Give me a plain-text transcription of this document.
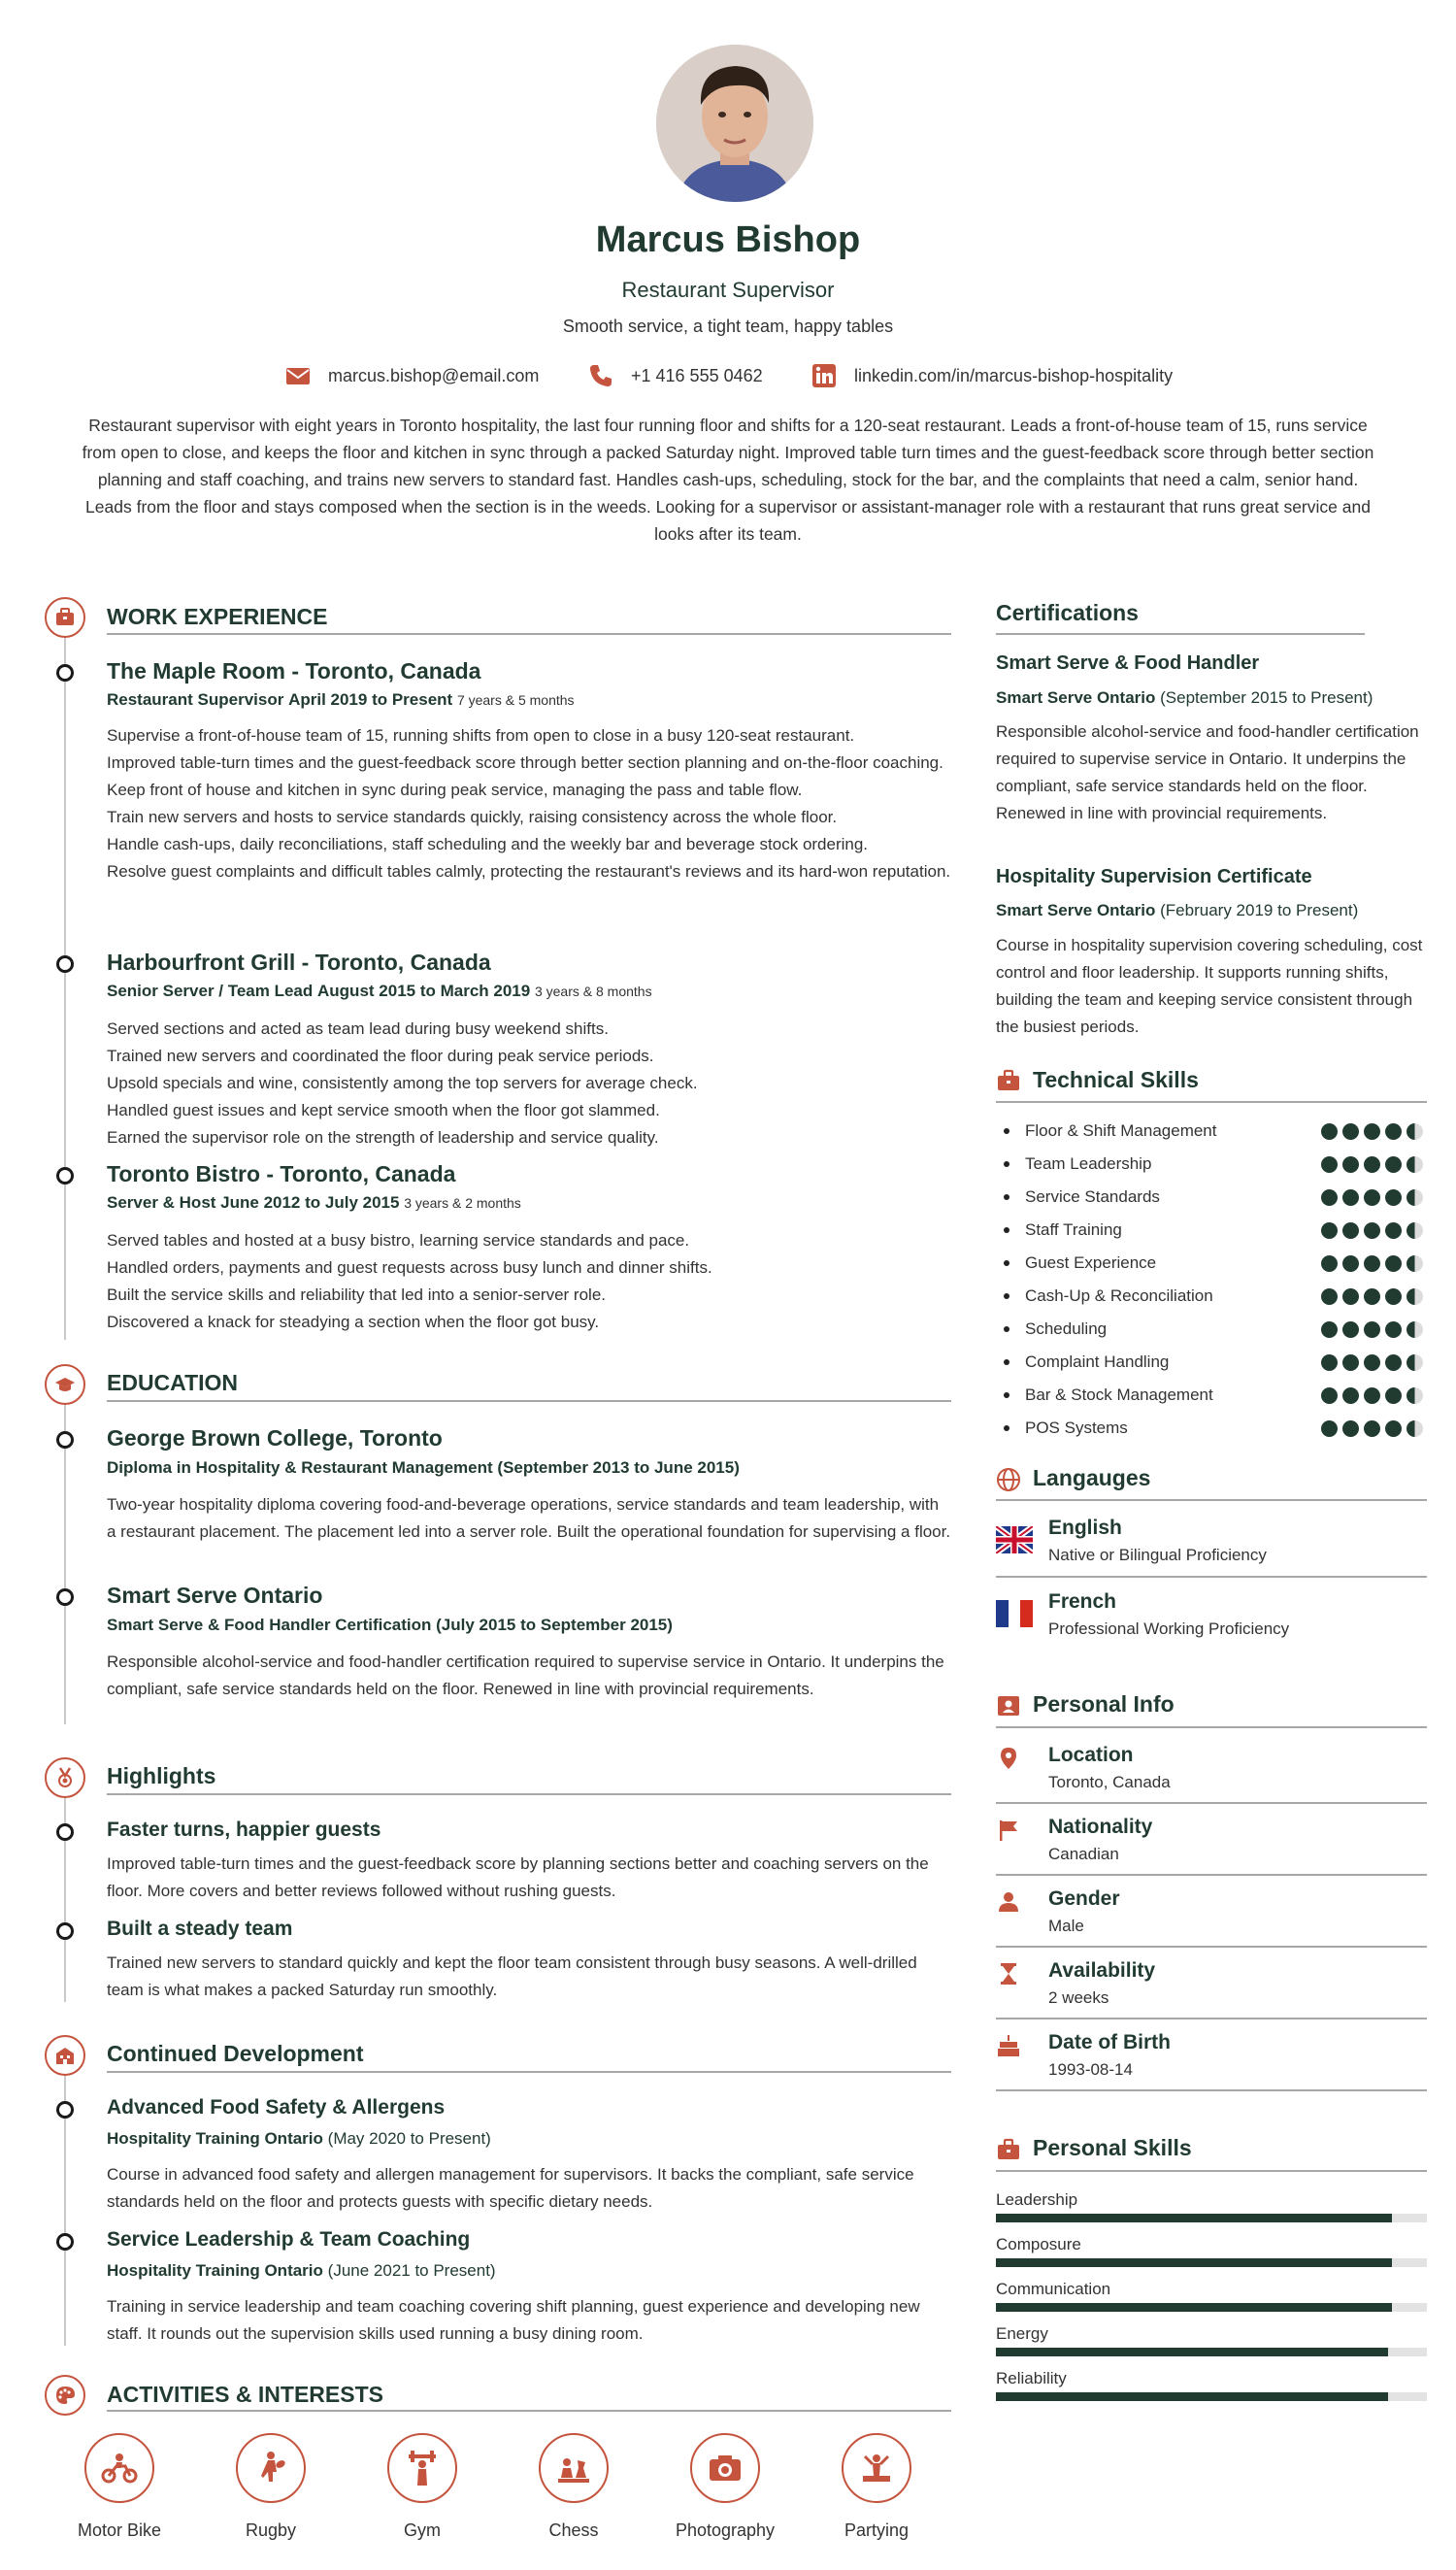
Marcus Bishop
Restaurant Supervisor
Smooth service, a tight team, happy tables
marcus.bishop@email.com	+1 416 555 0462	linkedin.com/in/marcus-bishop-hospitality
Restaurant supervisor with eight years in Toronto hospitality, the last four running floor and shifts for a 120-seat restaurant. Leads a front-of-house team of 15, runs service from open to close, and keeps the floor and kitchen in sync through a packed Saturday night. Improved table turn times and the guest-feedback score through better section planning and staff coaching, and trains new servers to standard fast. Handles cash-ups, scheduling, stock for the bar, and the complaints that need a calm, senior hand. Leads from the floor and stays composed when the section is in the weeds. Looking for a supervisor or assistant-manager role with a restaurant that runs great service and looks after its team.
WORK EXPERIENCE
The Maple Room - Toronto, Canada
Restaurant Supervisor April 2019 to Present 7 years & 5 months
Supervise a front-of-house team of 15, running shifts from open to close in a busy 120-seat restaurant.
Improved table-turn times and the guest-feedback score through better section planning and on-the-floor coaching.
Keep front of house and kitchen in sync during peak service, managing the pass and table flow.
Train new servers and hosts to service standards quickly, raising consistency across the whole floor.
Handle cash-ups, daily reconciliations, staff scheduling and the weekly bar and beverage stock ordering.
Resolve guest complaints and difficult tables calmly, protecting the restaurant's reviews and its hard-won reputation.
Harbourfront Grill - Toronto, Canada
Senior Server / Team Lead August 2015 to March 2019 3 years & 8 months
Served sections and acted as team lead during busy weekend shifts.
Trained new servers and coordinated the floor during peak service periods.
Upsold specials and wine, consistently among the top servers for average check.
Handled guest issues and kept service smooth when the floor got slammed.
Earned the supervisor role on the strength of leadership and service quality.
Toronto Bistro - Toronto, Canada
Server & Host June 2012 to July 2015 3 years & 2 months
Served tables and hosted at a busy bistro, learning service standards and pace.
Handled orders, payments and guest requests across busy lunch and dinner shifts.
Built the service skills and reliability that led into a senior-server role.
Discovered a knack for steadying a section when the floor got busy.
EDUCATION
George Brown College, Toronto
Diploma in Hospitality & Restaurant Management (September 2013 to June 2015)
Two-year hospitality diploma covering food-and-beverage operations, service standards and team leadership, with a restaurant placement. The placement led into a server role. Built the operational foundation for supervising a floor.
Smart Serve Ontario
Smart Serve & Food Handler Certification (July 2015 to September 2015)
Responsible alcohol-service and food-handler certification required to supervise service in Ontario. It underpins the compliant, safe service standards held on the floor. Renewed in line with provincial requirements.
Highlights
Faster turns, happier guests
Improved table-turn times and the guest-feedback score by planning sections better and coaching servers on the floor. More covers and better reviews followed without rushing guests.
Built a steady team
Trained new servers to standard quickly and kept the floor team consistent through busy seasons. A well-drilled team is what makes a packed Saturday run smoothly.
Continued Development
Advanced Food Safety & Allergens
Hospitality Training Ontario (May 2020 to Present)
Course in advanced food safety and allergen management for supervisors. It backs the compliant, safe service standards held on the floor and protects guests with specific dietary needs.
Service Leadership & Team Coaching
Hospitality Training Ontario (June 2021 to Present)
Training in service leadership and team coaching covering shift planning, guest experience and developing new staff. It rounds out the supervision skills used running a busy dining room.
ACTIVITIES & INTERESTS
Motor Bike	Rugby	Gym	Chess	Photography	Partying
Certifications
Smart Serve & Food Handler
Smart Serve Ontario (September 2015 to Present)
Responsible alcohol-service and food-handler certification required to supervise service in Ontario. It underpins the compliant, safe service standards held on the floor. Renewed in line with provincial requirements.
Hospitality Supervision Certificate
Smart Serve Ontario (February 2019 to Present)
Course in hospitality supervision covering scheduling, cost control and floor leadership. It supports running shifts, building the team and keeping service consistent through the busiest periods.
Technical Skills
Floor & Shift Management
Team Leadership
Service Standards
Staff Training
Guest Experience
Cash-Up & Reconciliation
Scheduling
Complaint Handling
Bar & Stock Management
POS Systems
Langauges
English
Native or Bilingual Proficiency
French
Professional Working Proficiency
Personal Info
Location
Toronto, Canada
Nationality
Canadian
Gender
Male
Availability
2 weeks
Date of Birth
1993-08-14
Personal Skills
Leadership
Composure
Communication
Energy
Reliability
